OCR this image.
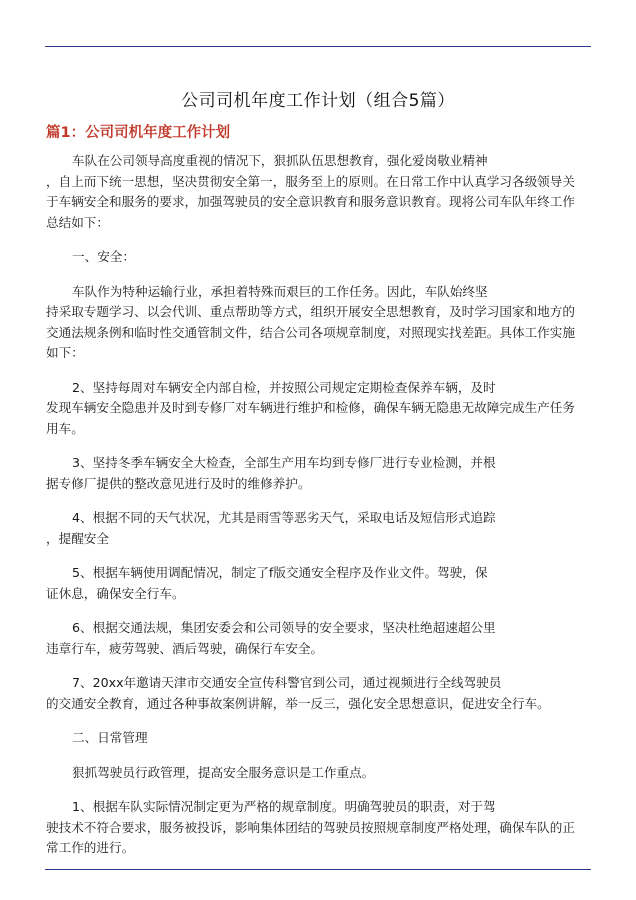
公司司机年度工作计划（组合5篇）
篇1：公司司机年度工作计划

车队在公司领导高度重视的情况下，狠抓队伍思想教育，强化爱岗敬业精神
，自上而下统一思想，坚决贯彻安全第一，服务至上的原则。在日常工作中认真学习各级领导关
于车辆安全和服务的要求，加强驾驶员的安全意识教育和服务意识教育。现将公司车队年终工作
总结如下：

一、安全：

车队作为特种运输行业，承担着特殊而艰巨的工作任务。因此，车队始终坚
持采取专题学习、以会代训、重点帮助等方式，组织开展安全思想教育，及时学习国家和地方的
交通法规条例和临时性交通管制文件，结合公司各项规章制度，对照现实找差距。具体工作实施
如下：

2、坚持每周对车辆安全内部自检，并按照公司规定定期检查保养车辆，及时
发现车辆安全隐患并及时到专修厂对车辆进行维护和检修，确保车辆无隐患无故障完成生产任务
用车。

3、坚持冬季车辆安全大检查，全部生产用车均到专修厂进行专业检测，并根
据专修厂提供的整改意见进行及时的维修养护。

4、根据不同的天气状况，尤其是雨雪等恶劣天气，采取电话及短信形式追踪
，提醒安全

5、根据车辆使用调配情况，制定了f版交通安全程序及作业文件。驾驶，保
证休息，确保安全行车。

6、根据交通法规，集团安委会和公司领导的安全要求，坚决杜绝超速超公里
违章行车，疲劳驾驶、酒后驾驶，确保行车安全。

7、20xx年邀请天津市交通安全宣传科警官到公司，通过视频进行全线驾驶员
的交通安全教育，通过各种事故案例讲解，举一反三，强化安全思想意识，促进安全行车。

二、日常管理

狠抓驾驶员行政管理，提高安全服务意识是工作重点。

1、根据车队实际情况制定更为严格的规章制度。明确驾驶员的职责，对于驾
驶技术不符合要求，服务被投诉，影响集体团结的驾驶员按照规章制度严格处理，确保车队的正
常工作的进行。
